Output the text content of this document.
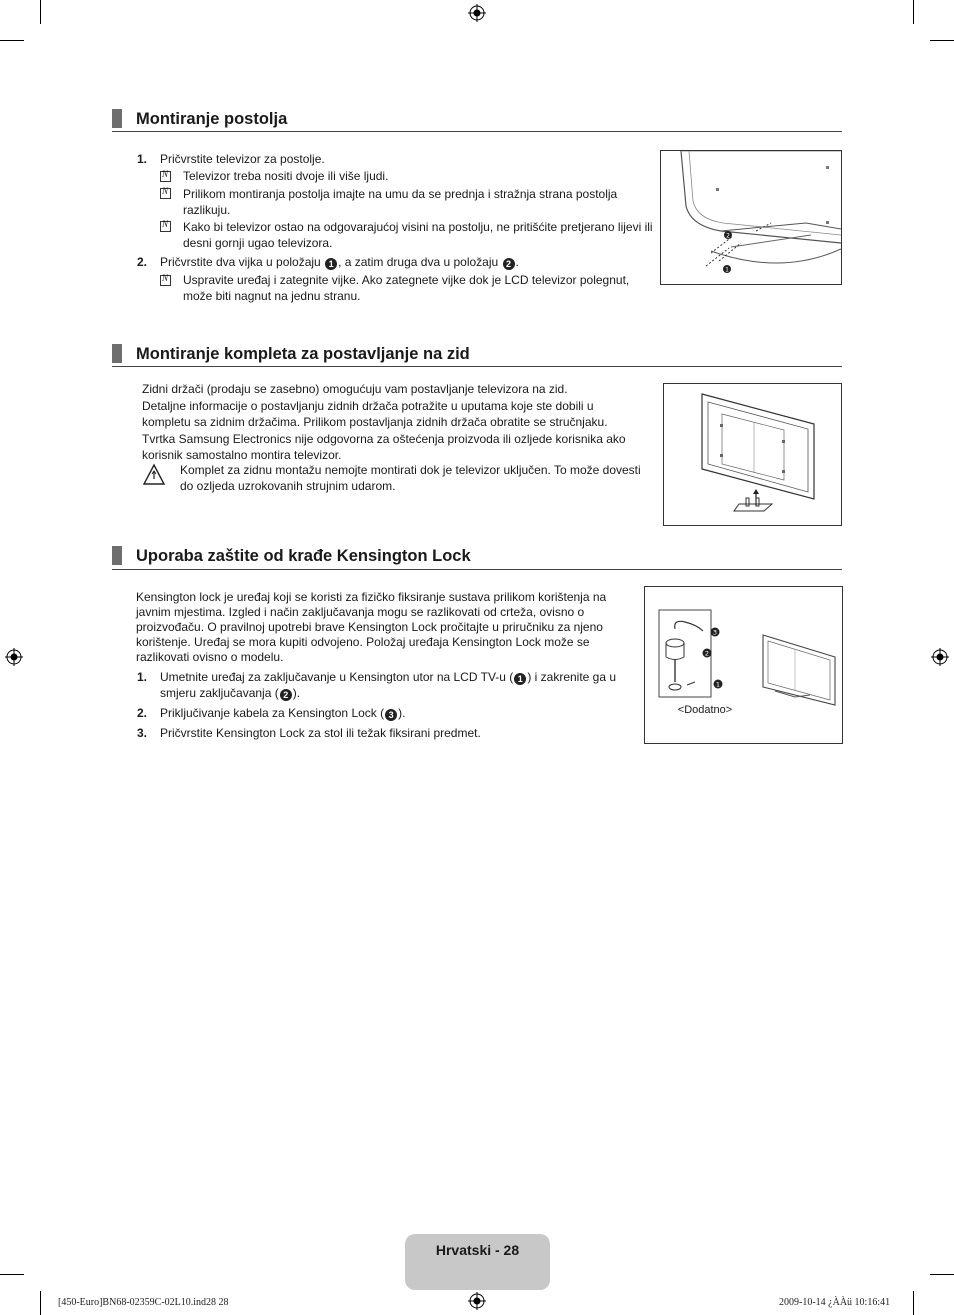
Montiranje postolja
1. Pričvrstite televizor za postolje.
N
Televizor treba nositi dvoje ili više ljudi.
N
Prilikom montiranja postolja imajte na umu da se prednja i stražnja strana postolja razlikuju.
N
Kako bi televizor ostao na odgovarajućoj visini na postolju, ne pritišćite pretjerano lijevi ili desni gornji ugao televizora.
2. Pričvrstite dva vijka u položaju 1 , a zatim druga dva u položaju 2 .
N
Uspravite uređaj i zategnite vijke. Ako zategnete vijke dok je LCD televizor polegnut, može biti nagnut na jednu stranu.
2
1
Montiranje kompleta za postavljanje na zid
Zidni držači (prodaju se zasebno) omogućuju vam postavljanje televizora na zid.
Detaljne informacije o postavljanju zidnih držača potražite u uputama koje ste dobili u kompletu sa zidnim držačima. Prilikom postavljanja zidnih držača obratite se stručnjaku.
Tvrtka Samsung Electronics nije odgovorna za oštećenja proizvoda ili ozljede korisnika ako korisnik samostalno montira televizor.
Komplet za zidnu montažu nemojte montirati dok je televizor uključen. To može dovesti do ozljeda uzrokovanih strujnim udarom.
Uporaba zaštite od krađe Kensington Lock
Kensington lock je uređaj koji se koristi za fizičko fiksiranje sustava prilikom korištenja na javnim mjestima. Izgled i način zaključavanja mogu se razlikovati od crteža, ovisno o proizvođaču. O pravilnoj upotrebi brave Kensington Lock pročitajte u priručniku za njeno korištenje. Uređaj se mora kupiti odvojeno. Položaj uređaja Kensington Lock može se razlikovati ovisno o modelu.
1. Umetnite uređaj za zaključavanje u Kensington utor na LCD TV-u ( 1 ) i zakrenite ga u smjeru zaključavanja ( 2 ).
2. Priključivanje kabela za Kensington Lock ( 3 ).
3. Pričvrstite Kensington Lock za stol ili težak fiksirani predmet.
3
2
1
<Dodatno>
Hrvatski - 28
[450-Euro]BN68-02359C-02L10.ind28 28	2009-10-14 ¿ÀÀü 10:16:41
